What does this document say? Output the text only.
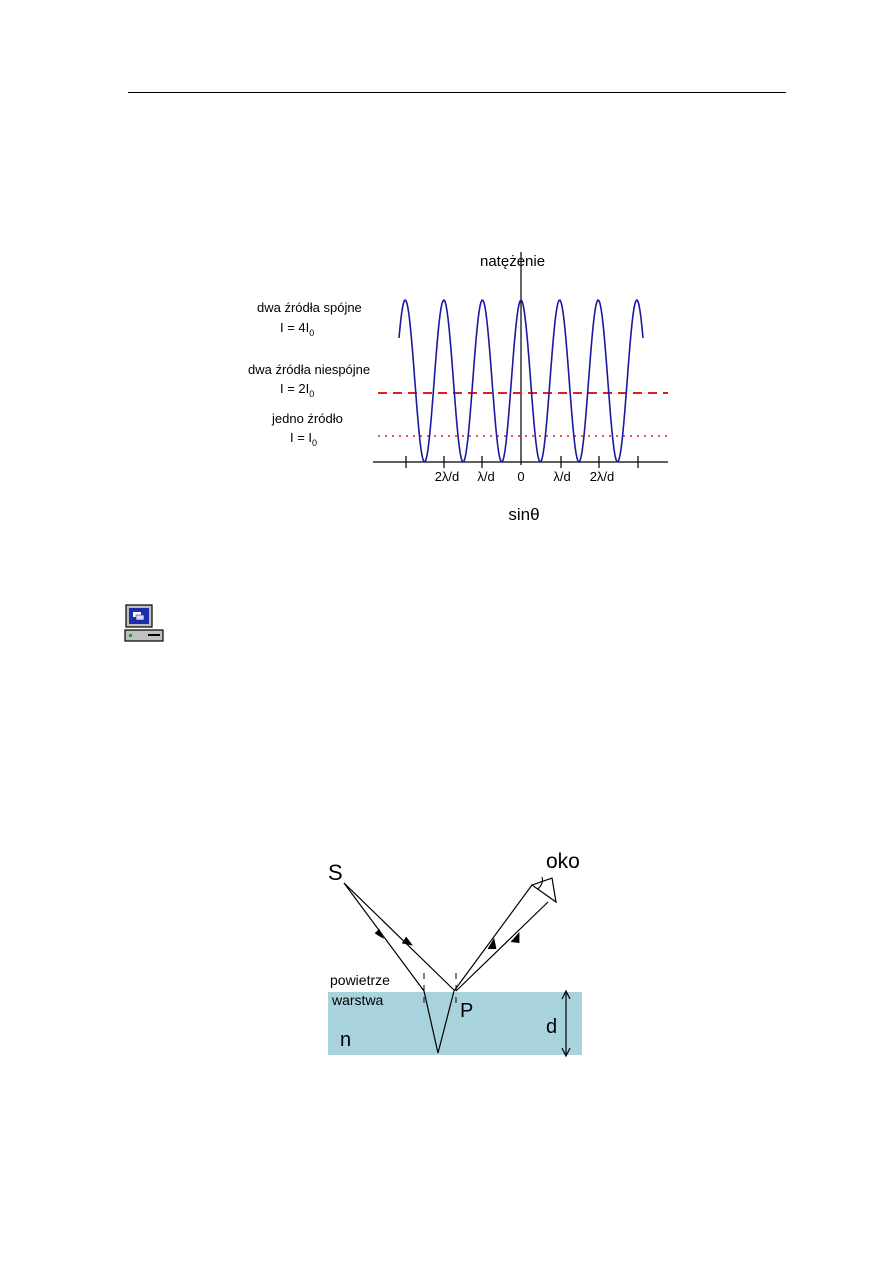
natężenie
2λ/d λ/d 0 λ/d 2λ/d
sinθ
dwa źródła spójne
$I = 4I_0$
dwa źródła niespójne
$I = 2I_0$
jedno źródło
$I = I_0$
S	oko
powietrze
warstwa	P
n
d
